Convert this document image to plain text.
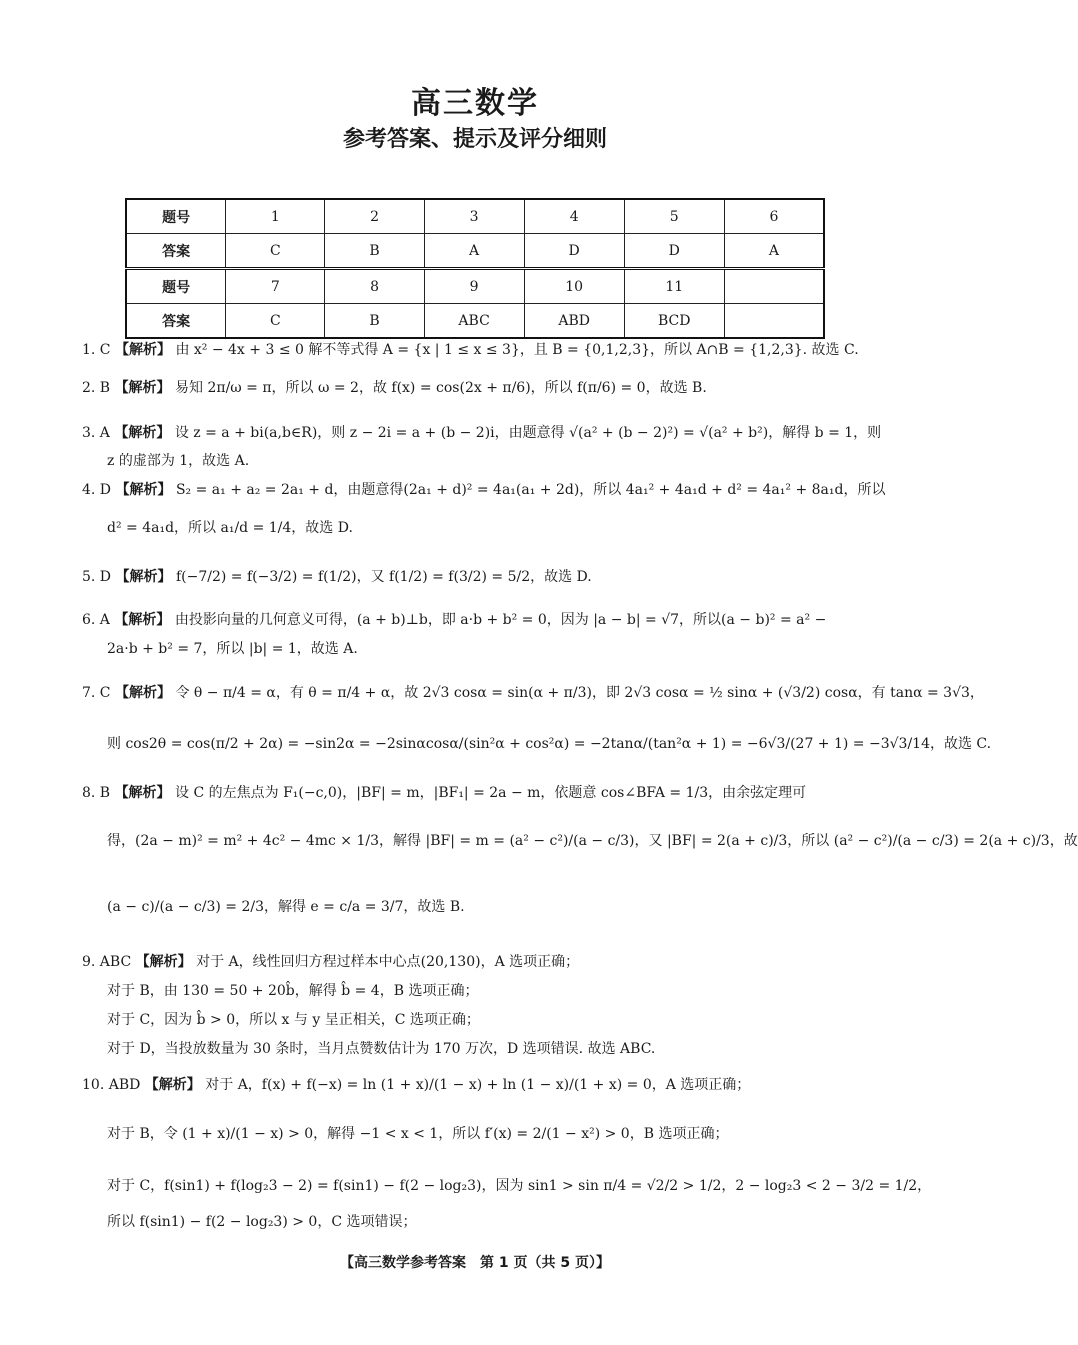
高三数学
参考答案、提示及评分细则
题号	1	2	3	4	5	6
答案	C	B	A	D	D	A
题号	7	8	9	10	11	
答案	C	B	ABC	ABD	BCD	
1. C 【解析】 由 x² − 4x + 3 ≤ 0 解不等式得 A = {x | 1 ≤ x ≤ 3}，且 B = {0,1,2,3}，所以 A∩B = {1,2,3}. 故选 C.
2. B 【解析】 易知 2π/ω = π，所以 ω = 2，故 f(x) = cos(2x + π/6)，所以 f(π/6) = 0，故选 B.
3. A 【解析】 设 z = a + bi(a,b∈R)，则 z − 2i = a + (b − 2)i，由题意得 √(a² + (b − 2)²) = √(a² + b²)，解得 b = 1，则
z 的虚部为 1，故选 A.
4. D 【解析】 S₂ = a₁ + a₂ = 2a₁ + d，由题意得(2a₁ + d)² = 4a₁(a₁ + 2d)，所以 4a₁² + 4a₁d + d² = 4a₁² + 8a₁d，所以
d² = 4a₁d，所以 a₁/d = 1/4，故选 D.
5. D 【解析】 f(−7/2) = f(−3/2) = f(1/2)，又 f(1/2) = f(3/2) = 5/2，故选 D.
6. A 【解析】 由投影向量的几何意义可得，(a + b)⊥b，即 a·b + b² = 0，因为 |a − b| = √7，所以(a − b)² = a² −
2a·b + b² = 7，所以 |b| = 1，故选 A.
7. C 【解析】 令 θ − π/4 = α，有 θ = π/4 + α，故 2√3 cosα = sin(α + π/3)，即 2√3 cosα = ½ sinα + (√3/2) cosα，有 tanα = 3√3，
则 cos2θ = cos(π/2 + 2α) = −sin2α = −2sinαcosα/(sin²α + cos²α) = −2tanα/(tan²α + 1) = −6√3/(27 + 1) = −3√3/14，故选 C.
8. B 【解析】 设 C 的左焦点为 F₁(−c,0)，|BF| = m，|BF₁| = 2a − m，依题意 cos∠BFA = 1/3，由余弦定理可
得，(2a − m)² = m² + 4c² − 4mc × 1/3，解得 |BF| = m = (a² − c²)/(a − c/3)，又 |BF| = 2(a + c)/3，所以 (a² − c²)/(a − c/3) = 2(a + c)/3，故
(a − c)/(a − c/3) = 2/3，解得 e = c/a = 3/7，故选 B.
9. ABC 【解析】 对于 A，线性回归方程过样本中心点(20,130)，A 选项正确；
对于 B，由 130 = 50 + 20b̂，解得 b̂ = 4，B 选项正确；
对于 C，因为 b̂ > 0，所以 x 与 y 呈正相关，C 选项正确；
对于 D，当投放数量为 30 条时，当月点赞数估计为 170 万次，D 选项错误. 故选 ABC.
10. ABD 【解析】 对于 A，f(x) + f(−x) = ln (1 + x)/(1 − x) + ln (1 − x)/(1 + x) = 0，A 选项正确；
对于 B，令 (1 + x)/(1 − x) > 0，解得 −1 < x < 1，所以 f′(x) = 2/(1 − x²) > 0，B 选项正确；
对于 C，f(sin1) + f(log₂3 − 2) = f(sin1) − f(2 − log₂3)，因为 sin1 > sin π/4 = √2/2 > 1/2，2 − log₂3 < 2 − 3/2 = 1/2，
所以 f(sin1) − f(2 − log₂3) > 0，C 选项错误；
【高三数学参考答案　第 1 页（共 5 页）】
